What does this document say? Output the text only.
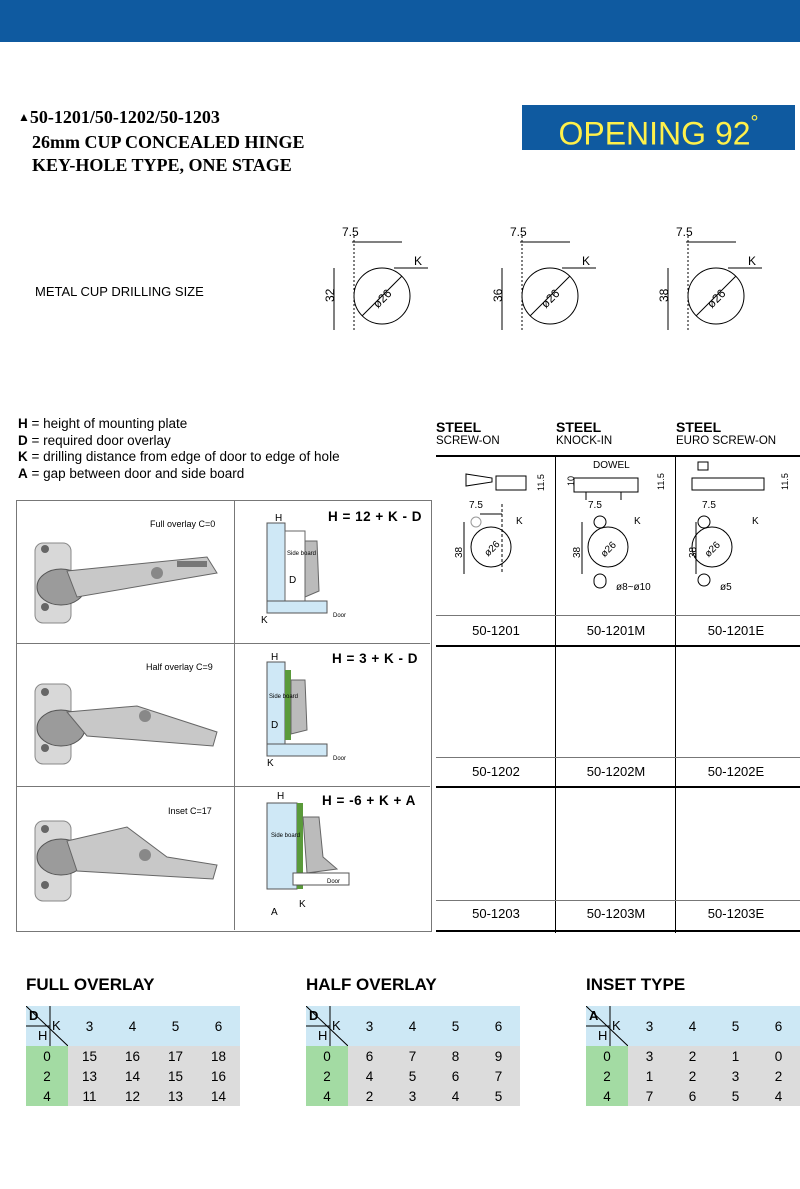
▲50-1201/50-1202/50-1203
26mm CUP CONCEALED HINGE
KEY-HOLE TYPE, ONE STAGE
OPENING 92°
METAL CUP DRILLING SIZE
7.5
K
ø26
32
7.5
K
ø26
36
7.5
K
ø26
38
H = height of mounting plate
D = required door overlay
K = drilling distance from edge of door to edge of hole
A = gap between door and side board
STEEL
SCREW-ON
STEEL
KNOCK-IN
STEEL
EURO SCREW-ON
11.5
7.5
ø26
K
38
DOWEL
10	11.5
7.5
ø26
K
38
ø8~ø10
11.5
7.5
ø26
K
38
ø5
50-1201	50-1201M	50-1201E
50-1202	50-1202M	50-1202E
50-1203	50-1203M	50-1203E
Full overlay C=0
Half overlay C=9
Inset C=17
H = 12 + K - D
H = 3 + K - D
H = -6 + K + A
H
D
K
Side board
Door
H
D
K
Side board
Door
H
A
K
Side board
Door
FULL OVERLAY	HALF OVERLAY	INSET TYPE
D
H
K	3	4	5	6
0	15	16	17	18
2	13	14	15	16
4	11	12	13	14
D
H
K	3	4	5	6
0	6	7	8	9
2	4	5	6	7
4	2	3	4	5
A
H
K	3	4	5	6
0	3	2	1	0
2	1	2	3	2
4	7	6	5	4
